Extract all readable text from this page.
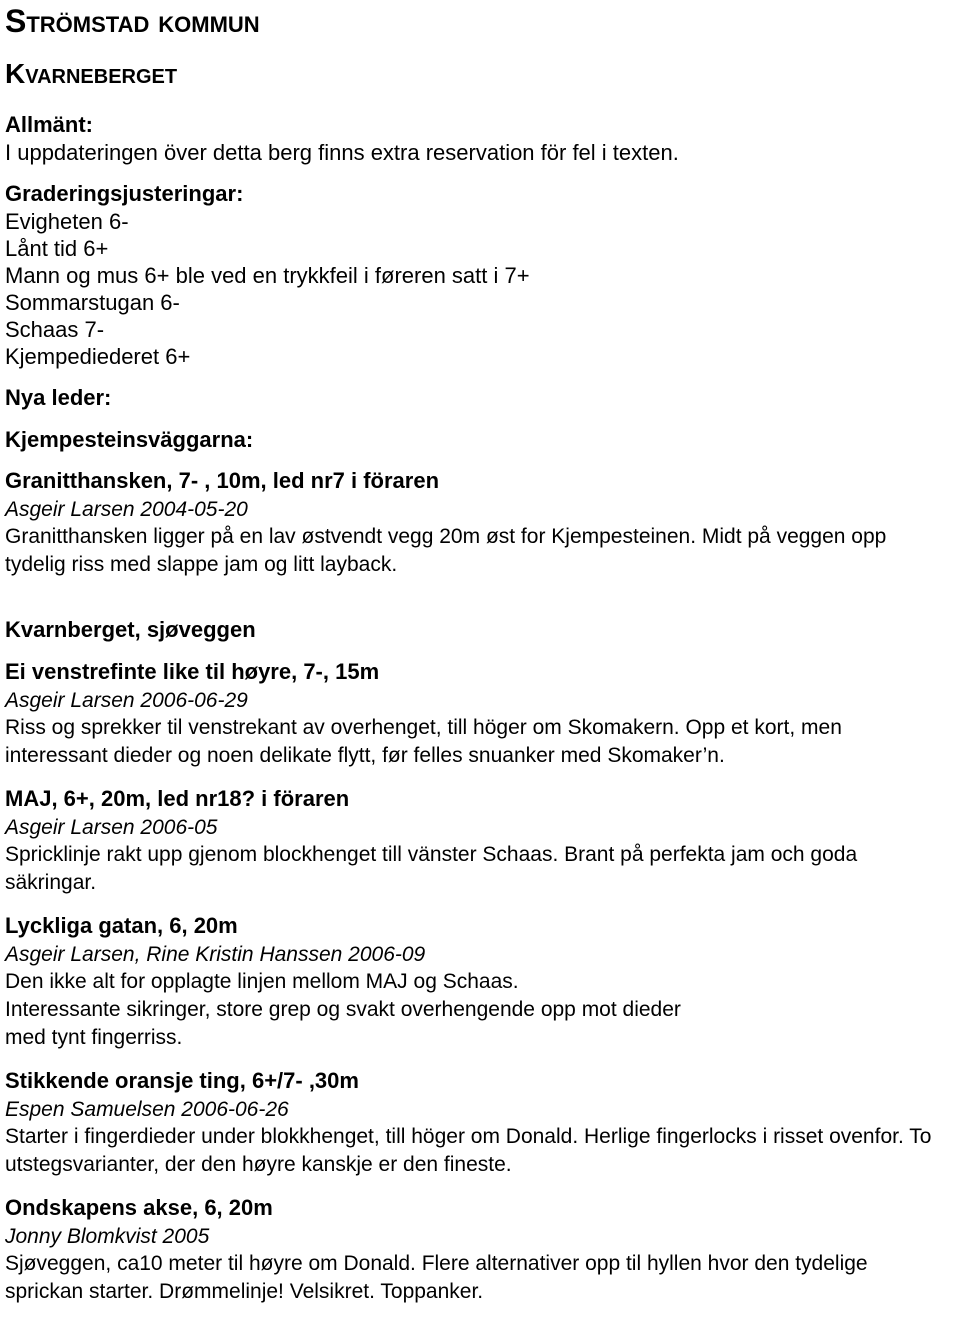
Strömstad kommun
Kvarneberget
Allmänt:
I uppdateringen över detta berg finns extra reservation för fel i texten.
Graderingsjusteringar:
Evigheten 6-
Lånt tid 6+
Mann og mus 6+ ble ved en trykkfeil i føreren satt i 7+
Sommarstugan 6-
Schaas 7-
Kjempediederet 6+
Nya leder:
Kjempesteinsväggarna:
Granitthansken, 7- , 10m, led nr7 i föraren
Asgeir Larsen 2004-05-20
Granitthansken ligger på en lav østvendt vegg 20m øst for Kjempesteinen. Midt på veggen opp tydelig riss med slappe jam og litt layback.
Kvarnberget, sjøveggen
Ei venstrefinte like til høyre, 7-, 15m
Asgeir Larsen 2006-06-29
Riss og sprekker til venstrekant av overhenget, till höger om Skomakern. Opp et kort, men interessant dieder og noen delikate flytt, før felles snuanker med Skomaker’n.
MAJ, 6+, 20m, led nr18? i föraren
Asgeir Larsen 2006-05
Spricklinje rakt upp gjenom blockhenget till vänster Schaas. Brant på perfekta jam och goda säkringar.
Lyckliga gatan, 6, 20m
Asgeir Larsen, Rine Kristin Hanssen 2006-09
Den ikke alt for opplagte linjen mellom MAJ og Schaas.
Interessante sikringer, store grep og svakt overhengende opp mot dieder
med tynt fingerriss.
Stikkende oransje ting, 6+/7- ,30m
Espen Samuelsen 2006-06-26
Starter i fingerdieder under blokkhenget, till höger om Donald. Herlige fingerlocks i risset ovenfor. To utstegsvarianter, der den høyre kanskje er den fineste.
Ondskapens akse, 6, 20m
Jonny Blomkvist 2005
Sjøveggen, ca10 meter til høyre om Donald. Flere alternativer opp til hyllen hvor den tydelige sprickan starter. Drømmelinje! Velsikret. Toppanker.
